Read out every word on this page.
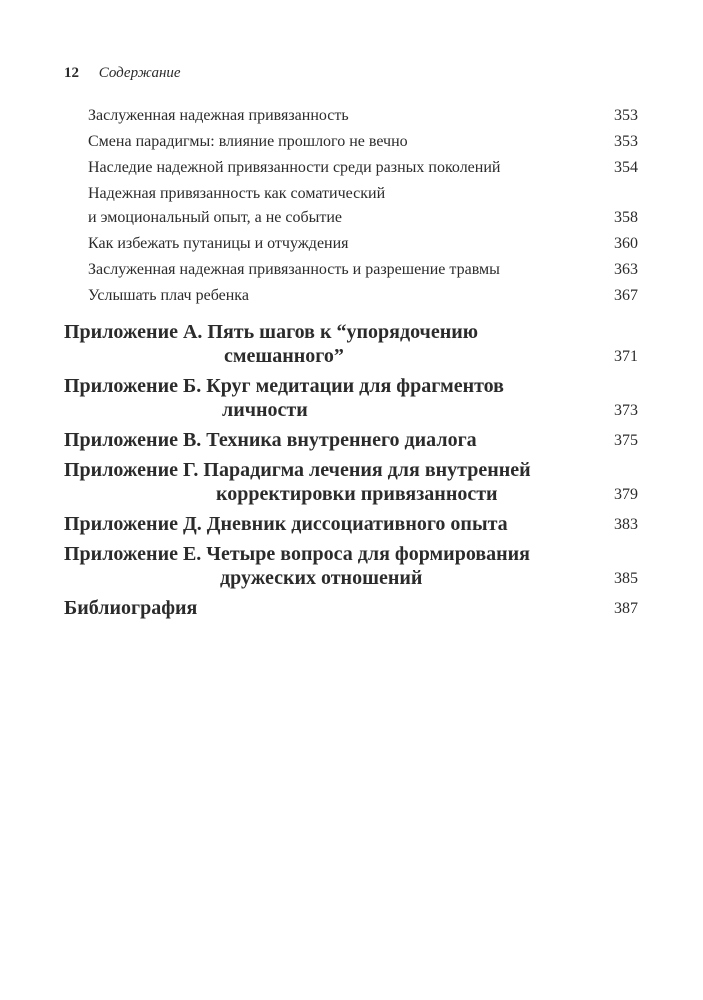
12 Содержание
Заслуженная надежная привязанность	353
Смена парадигмы: влияние прошлого не вечно	353
Наследие надежной привязанности среди разных поколений	354
Надежная привязанность как соматический
и эмоциональный опыт, а не событие	358
Как избежать путаницы и отчуждения	360
Заслуженная надежная привязанность и разрешение травмы	363
Услышать плач ребенка	367
Приложение А. Пять шагов к “упорядочению
смешанного”	371
Приложение Б. Круг медитации для фрагментов
личности	373
Приложение В. Техника внутреннего диалога	375
Приложение Г. Парадигма лечения для внутренней
корректировки привязанности	379
Приложение Д. Дневник диссоциативного опыта	383
Приложение Е. Четыре вопроса для формирования
дружеских отношений	385
Библиография	387
